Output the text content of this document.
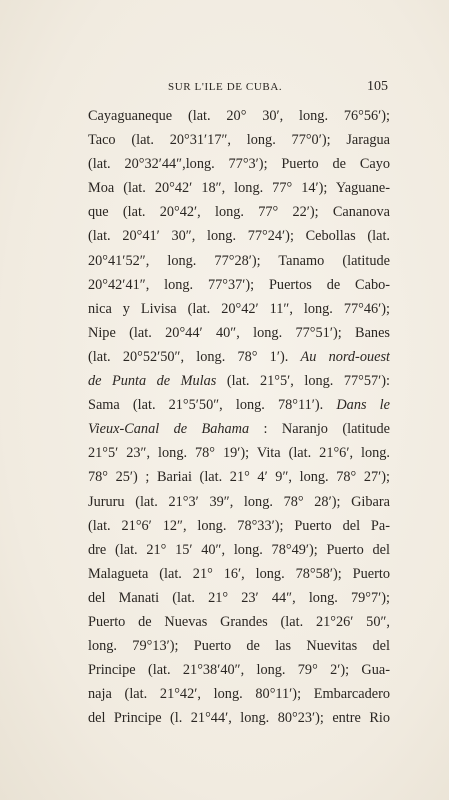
SUR L'ILE DE CUBA.	105
Cayaguaneque (lat. 20° 30′, long. 76°56′);
Taco (lat. 20°31′17″, long. 77°0′); Jaragua
(lat. 20°32′44″,long. 77°3′); Puerto de Cayo
Moa (lat. 20°42′ 18″, long. 77° 14′); Yaguane-
que (lat. 20°42′, long. 77° 22′); Cananova
(lat. 20°41′ 30″, long. 77°24′); Cebollas (lat.
20°41′52″, long. 77°28′); Tanamo (latitude
20°42′41″, long. 77°37′); Puertos de Cabo-
nica y Livisa (lat. 20°42′ 11″, long. 77°46′);
Nipe (lat. 20°44′ 40″, long. 77°51′); Banes
(lat. 20°52′50″, long. 78° 1′). Au nord-ouest
de Punta de Mulas (lat. 21°5′, long. 77°57′):
Sama (lat. 21°5′50″, long. 78°11′). Dans le
Vieux-Canal de Bahama : Naranjo (latitude
21°5′ 23″, long. 78° 19′); Vita (lat. 21°6′, long.
78° 25′) ; Bariai (lat. 21° 4′ 9″, long. 78° 27′);
Jururu (lat. 21°3′ 39″, long. 78° 28′); Gibara
(lat. 21°6′ 12″, long. 78°33′); Puerto del Pa-
dre (lat. 21° 15′ 40″, long. 78°49′); Puerto del
Malagueta (lat. 21° 16′, long. 78°58′); Puerto
del Manati (lat. 21° 23′ 44″, long. 79°7′);
Puerto de Nuevas Grandes (lat. 21°26′ 50″,
long. 79°13′); Puerto de las Nuevitas del
Principe (lat. 21°38′40″, long. 79° 2′); Gua-
naja (lat. 21°42′, long. 80°11′); Embarcadero
del Principe (l. 21°44′, long. 80°23′); entre Rio
